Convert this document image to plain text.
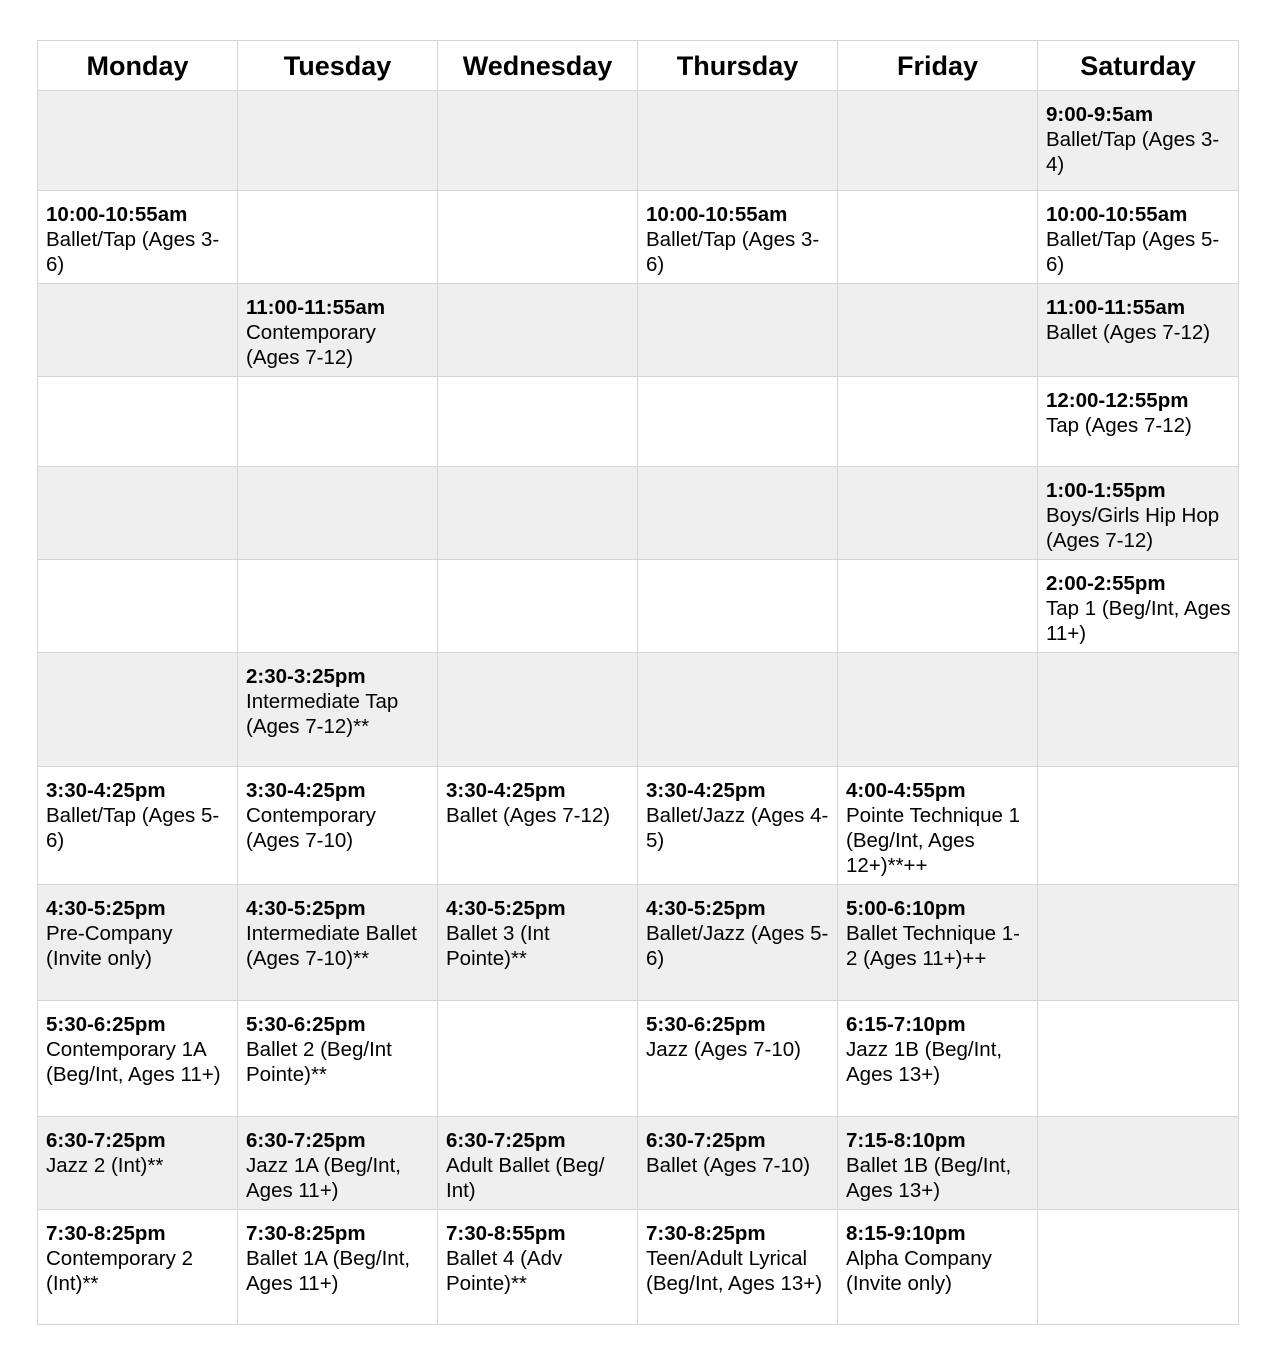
Monday	Tuesday	Wednesday	Thursday	Friday	Saturday

					9:00-9:5am
Ballet/Tap (Ages 3-4)

10:00-10:55am
Ballet/Tap (Ages 3-6)			10:00-10:55am
Ballet/Tap (Ages 3-6)		10:00-10:55am
Ballet/Tap (Ages 5-6)

	11:00-11:55am
Contemporary (Ages 7-12)				11:00-11:55am
Ballet (Ages 7-12)

					12:00-12:55pm
Tap (Ages 7-12)

					1:00-1:55pm
Boys/Girls Hip Hop (Ages 7-12)

					2:00-2:55pm
Tap 1 (Beg/Int, Ages 11+)

	2:30-3:25pm
Intermediate Tap (Ages 7-12)**				

3:30-4:25pm
Ballet/Tap (Ages 5-6)	3:30-4:25pm
Contemporary (Ages 7-10)	3:30-4:25pm
Ballet (Ages 7-12)	3:30-4:25pm
Ballet/Jazz (Ages 4-5)	4:00-4:55pm
Pointe Technique 1 (Beg/Int, Ages 12+)**++	

4:30-5:25pm
Pre-Company (Invite only)	4:30-5:25pm
Intermediate Ballet (Ages 7-10)**	4:30-5:25pm
Ballet 3 (Int Pointe)**	4:30-5:25pm
Ballet/Jazz (Ages 5-6)	5:00-6:10pm
Ballet Technique 1-2 (Ages 11+)++	

5:30-6:25pm
Contemporary 1A (Beg/Int, Ages 11+)	5:30-6:25pm
Ballet 2 (Beg/Int Pointe)**		5:30-6:25pm
Jazz (Ages 7-10)	6:15-7:10pm
Jazz 1B (Beg/Int, Ages 13+)	

6:30-7:25pm
Jazz 2 (Int)**	6:30-7:25pm
Jazz 1A (Beg/Int, Ages 11+)	6:30-7:25pm
Adult Ballet (Beg/ Int)	6:30-7:25pm
Ballet (Ages 7-10)	7:15-8:10pm
Ballet 1B (Beg/Int, Ages 13+)	

7:30-8:25pm
Contemporary 2 (Int)**	7:30-8:25pm
Ballet 1A (Beg/Int, Ages 11+)	7:30-8:55pm
Ballet 4 (Adv Pointe)**	7:30-8:25pm
Teen/Adult Lyrical (Beg/Int, Ages 13+)	8:15-9:10pm
Alpha Company (Invite only)	
